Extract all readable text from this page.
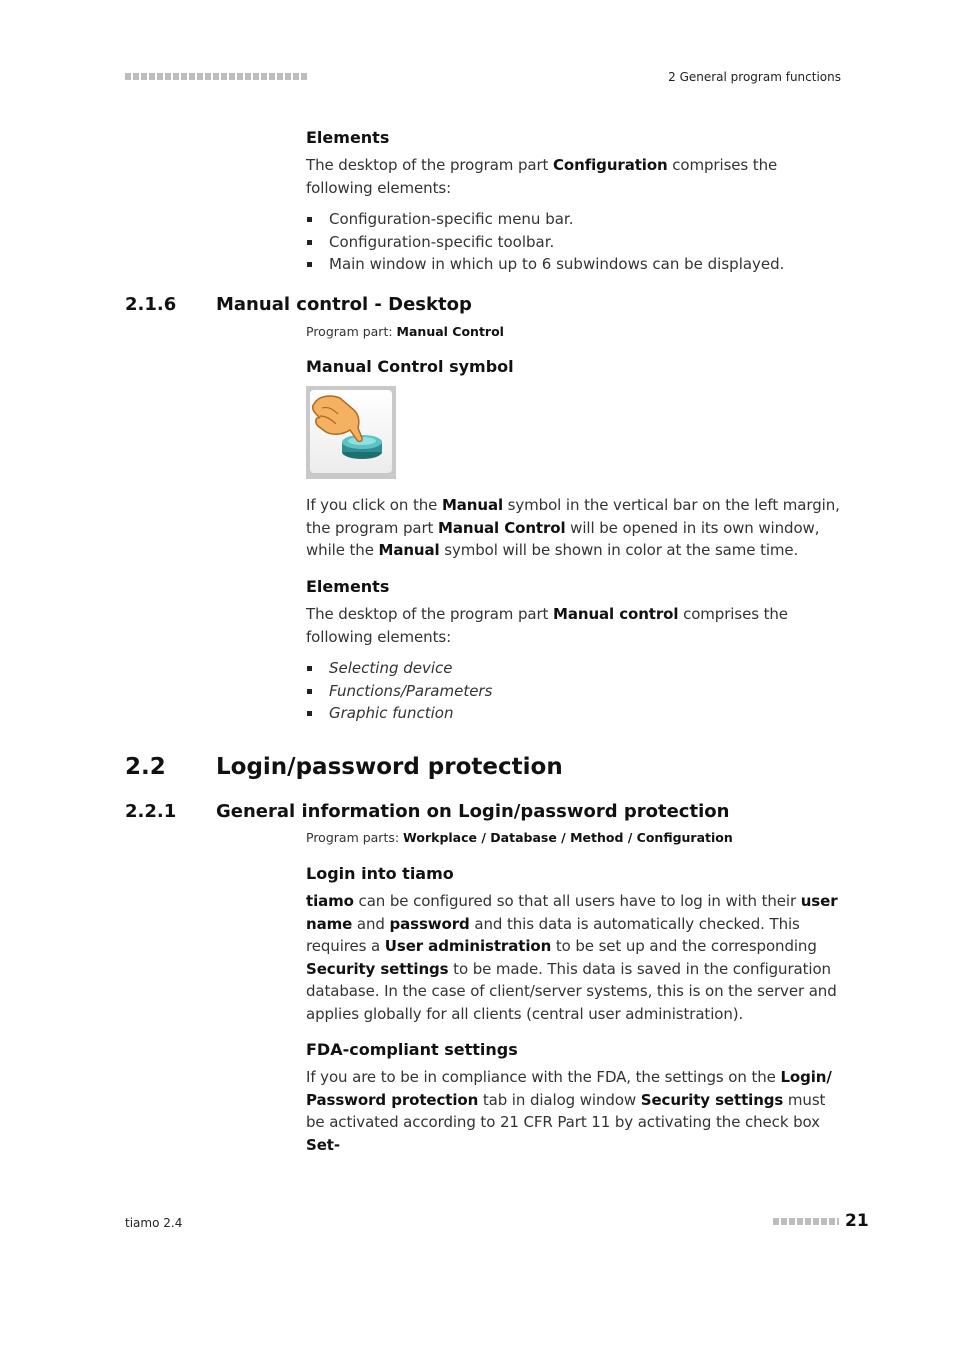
2 General program functions
Elements

The desktop of the program part Configuration comprises the following elements:

Configuration-specific menu bar.
Configuration-specific toolbar.
Main window in which up to 6 subwindows can be displayed.
2.1.6 Manual control - Desktop
Program part: Manual Control
Manual Control symbol

If you click on the Manual symbol in the vertical bar on the left margin, the program part Manual Control will be opened in its own window, while the Manual symbol will be shown in color at the same time.

Elements

The desktop of the program part Manual control comprises the following elements:

Selecting device
Functions/Parameters
Graphic function
2.2 Login/password protection
2.2.1 General information on Login/password protection
Program parts: Workplace / Database / Method / Configuration
Login into tiamo

tiamo can be configured so that all users have to log in with their user name and password and this data is automatically checked. This requires a User administration to be set up and the corresponding Security settings to be made. This data is saved in the configuration database. In the case of client/server systems, this is on the server and applies globally for all clients (central user administration).

FDA-compliant settings

If you are to be in compliance with the FDA, the settings on the Login/ Password protection tab in dialog window Security settings must be activated according to 21 CFR Part 11 by activating the check box Set-

tiamo 2.4	21
